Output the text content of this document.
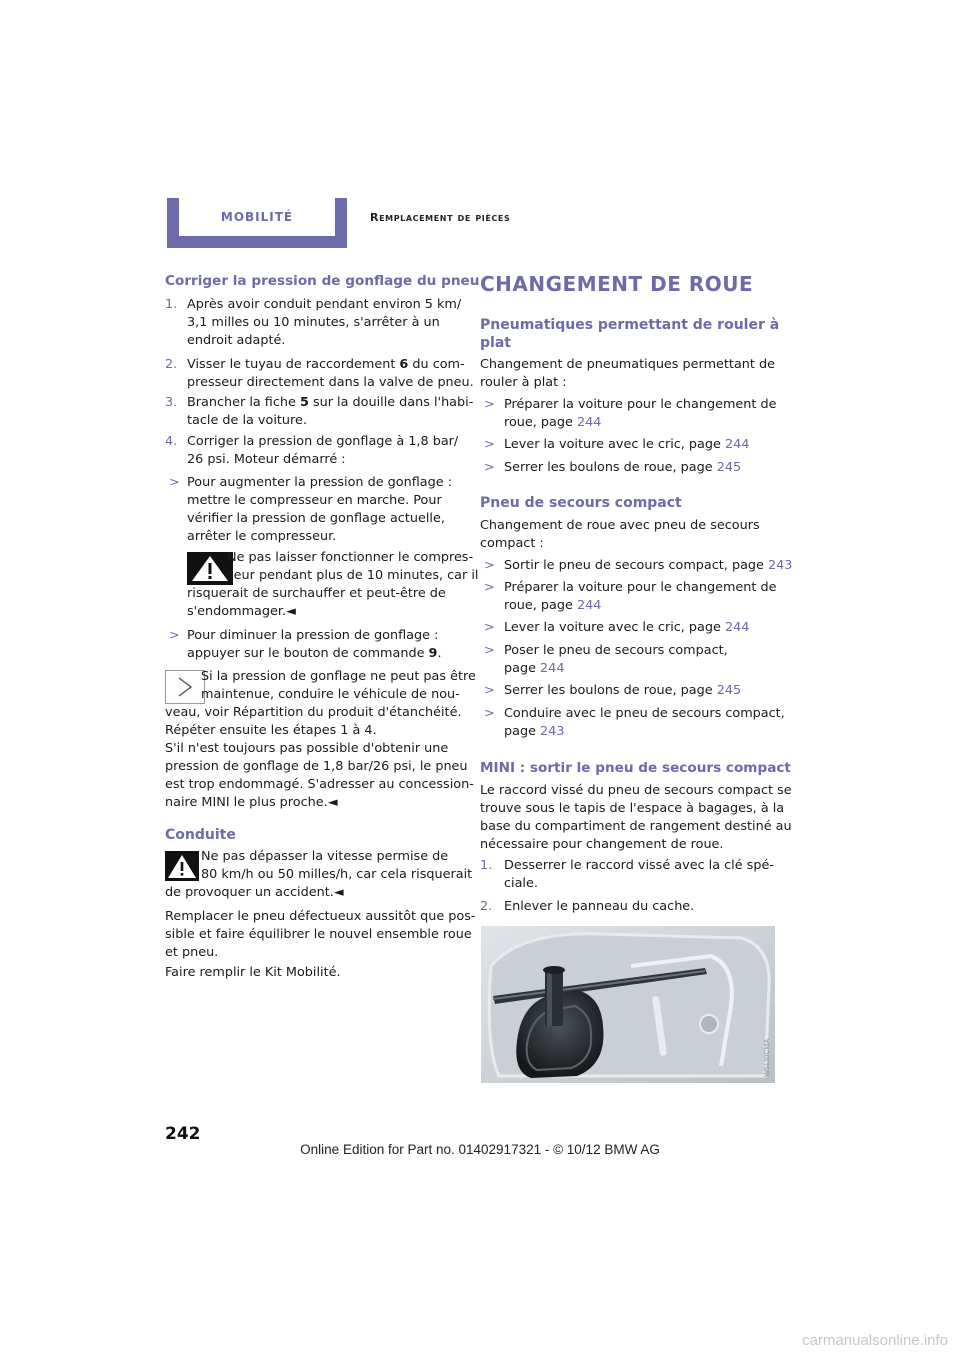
MOBILITÉ	Remplacement de pièces
Corriger la pression de gonflage du pneu
1. Après avoir conduit pendant environ 5 km/
3,1 milles ou 10 minutes, s'arrêter à un
endroit adapté.
2. Visser le tuyau de raccordement 6 du com-
presseur directement dans la valve de pneu.
3. Brancher la fiche 5 sur la douille dans l'habi-
tacle de la voiture.
4. Corriger la pression de gonflage à 1,8 bar/
26 psi. Moteur démarré :
> Pour augmenter la pression de gonflage :
mettre le compresseur en marche. Pour
vérifier la pression de gonflage actuelle,
arrêter le compresseur.
Ne pas laisser fonctionner le compres-
seur pendant plus de 10 minutes, car il
risquerait de surchauffer et peut-être de
s'endommager.◄
> Pour diminuer la pression de gonflage :
appuyer sur le bouton de commande 9.
Si la pression de gonflage ne peut pas être
maintenue, conduire le véhicule de nou-
veau, voir Répartition du produit d'étanchéité.
Répéter ensuite les étapes 1 à 4.
S'il n'est toujours pas possible d'obtenir une
pression de gonflage de 1,8 bar/26 psi, le pneu
est trop endommagé. S'adresser au concession-
naire MINI le plus proche.◄
Conduite
Ne pas dépasser la vitesse permise de
80 km/h ou 50 milles/h, car cela risquerait
de provoquer un accident.◄
Remplacer le pneu défectueux aussitôt que pos-
sible et faire équilibrer le nouvel ensemble roue
et pneu.
Faire remplir le Kit Mobilité.
CHANGEMENT DE ROUE
Pneumatiques permettant de rouler à
plat
Changement de pneumatiques permettant de
rouler à plat :
> Préparer la voiture pour le changement de
roue, page 244
> Lever la voiture avec le cric, page 244
> Serrer les boulons de roue, page 245
Pneu de secours compact
Changement de roue avec pneu de secours
compact :
> Sortir le pneu de secours compact, page 243
> Préparer la voiture pour le changement de
roue, page 244
> Lever la voiture avec le cric, page 244
> Poser le pneu de secours compact,
page 244
> Serrer les boulons de roue, page 245
> Conduire avec le pneu de secours compact,
page 243
MINI : sortir le pneu de secours compact
Le raccord vissé du pneu de secours compact se
trouve sous le tapis de l'espace à bagages, à la
base du compartiment de rangement destiné au
nécessaire pour changement de roue.
1. Desserrer le raccord vissé avec la clé spé-
ciale.
2. Enlever le panneau du cache.
W5130CMA
242
Online Edition for Part no. 01402917321 - © 10/12 BMW AG
carmanualsonline.info
